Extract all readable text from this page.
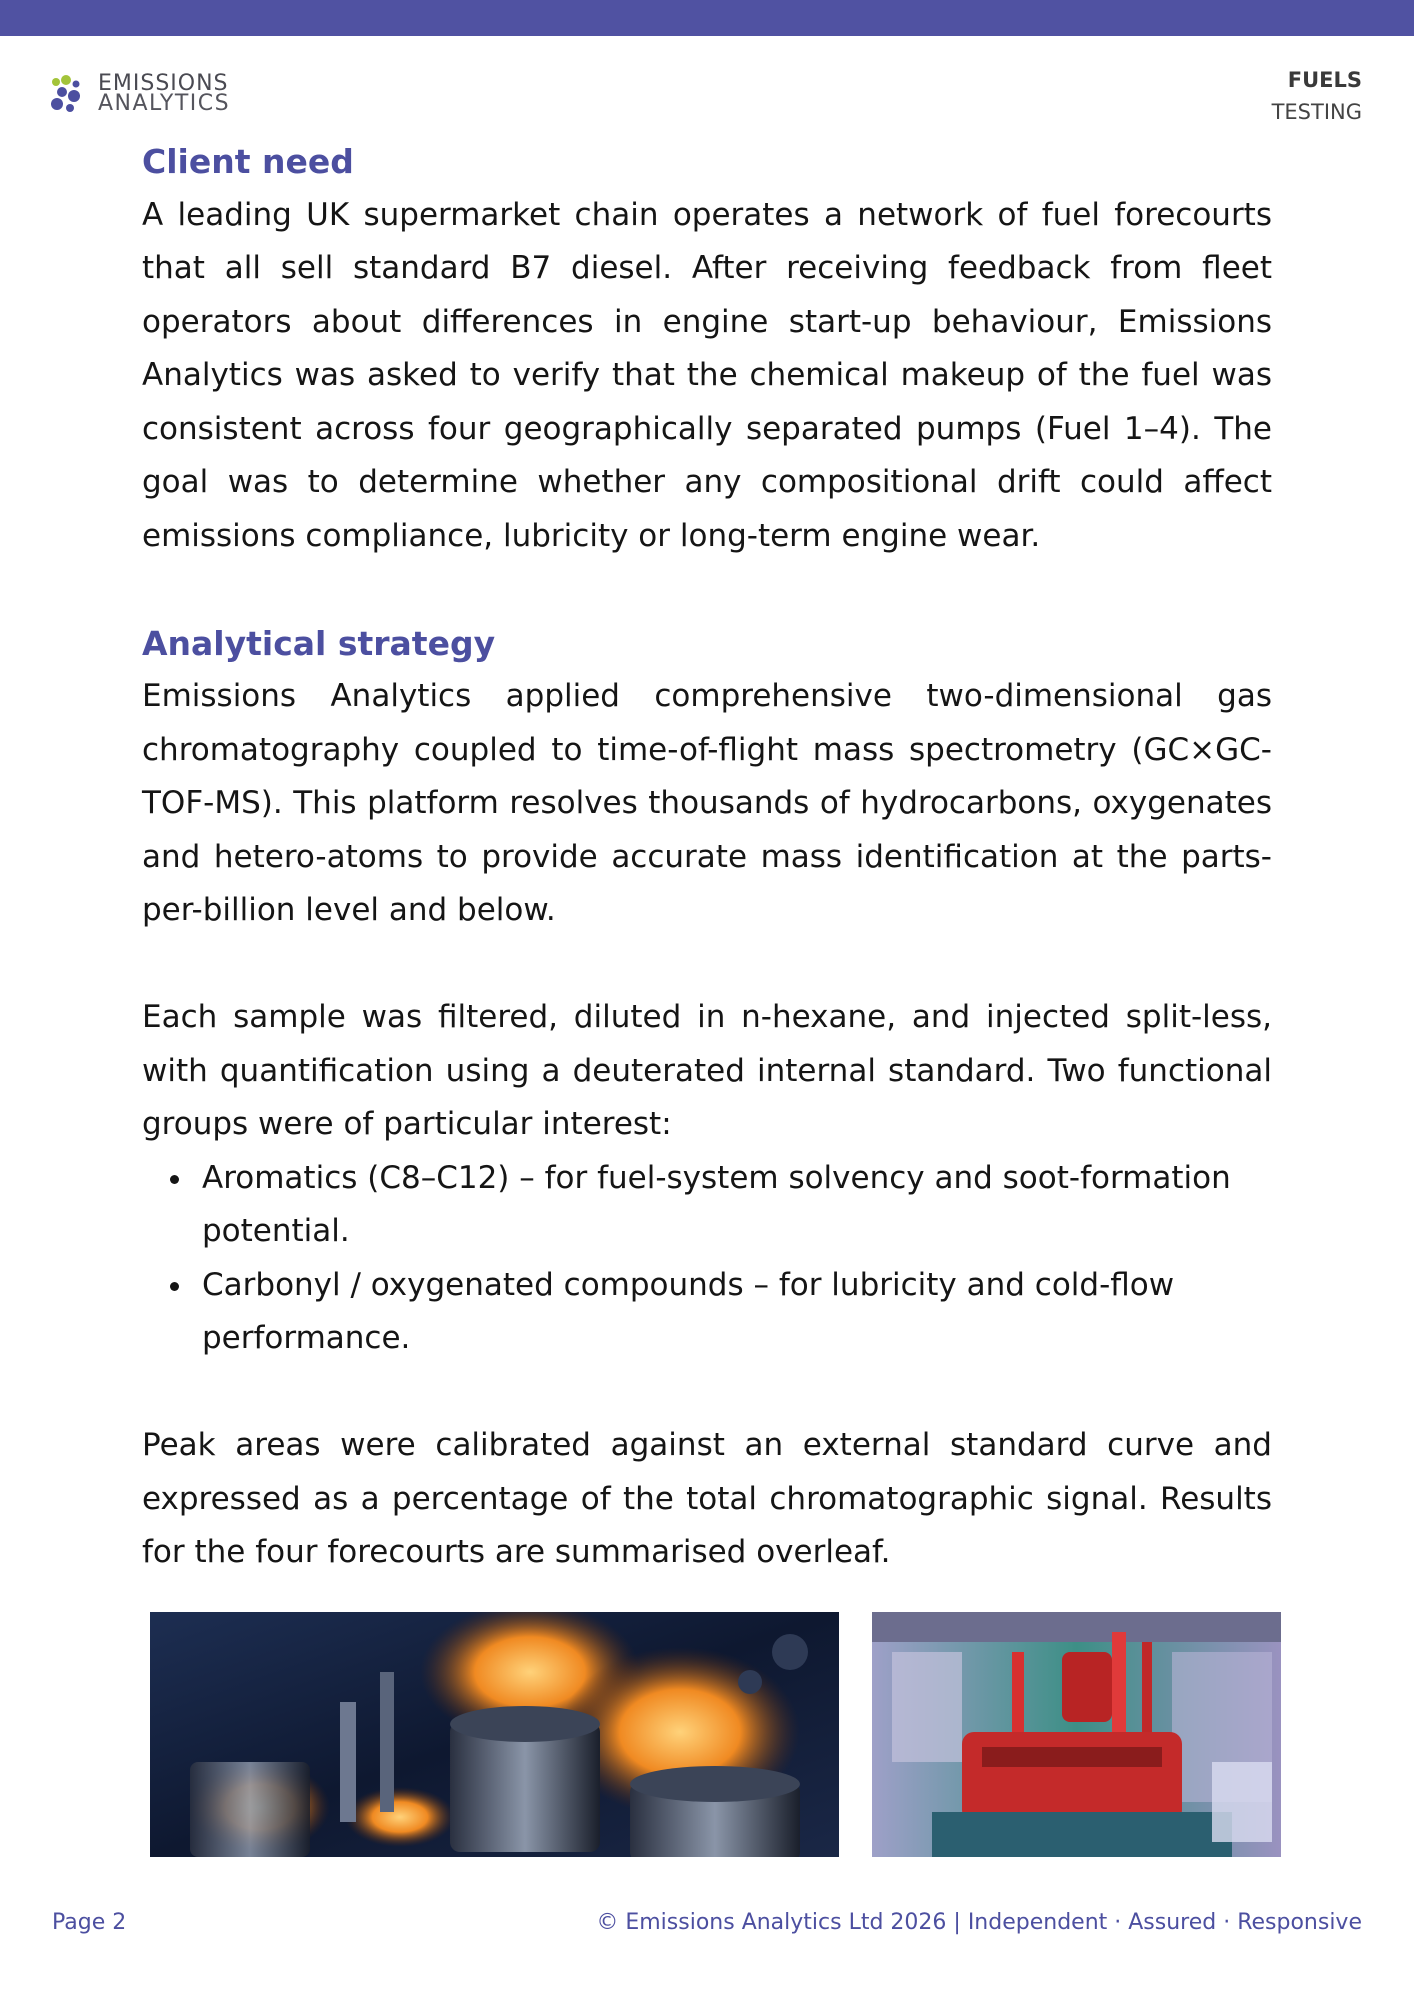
EMISSIONS
ANALYTICS
FUELS
TESTING
Client need

A leading UK supermarket chain operates a network of fuel forecourts that all sell standard B7 diesel. After receiving feedback from fleet operators about differences in engine start-up behaviour, Emissions Analytics was asked to verify that the chemical makeup of the fuel was consistent across four geographically separated pumps (Fuel 1–4). The goal was to determine whether any compositional drift could affect emissions compliance, lubricity or long-term engine wear.

Analytical strategy

Emissions Analytics applied comprehensive two-dimensional gas chromatography coupled to time-of-flight mass spectrometry (GC×GC-TOF-MS). This platform resolves thousands of hydrocarbons, oxygenates and hetero-atoms to provide accurate mass identification at the parts-per-billion level and below.

Each sample was filtered, diluted in n-hexane, and injected split-less, with quantification using a deuterated internal standard. Two functional groups were of particular interest:

Aromatics (C8–C12) – for fuel-system solvency and soot-formation potential.
Carbonyl / oxygenated compounds – for lubricity and cold-flow performance.

Peak areas were calibrated against an external standard curve and expressed as a percentage of the total chromatographic signal. Results for the four forecourts are summarised overleaf.

Page 2	© Emissions Analytics Ltd 2026 | Independent · Assured · Responsive
